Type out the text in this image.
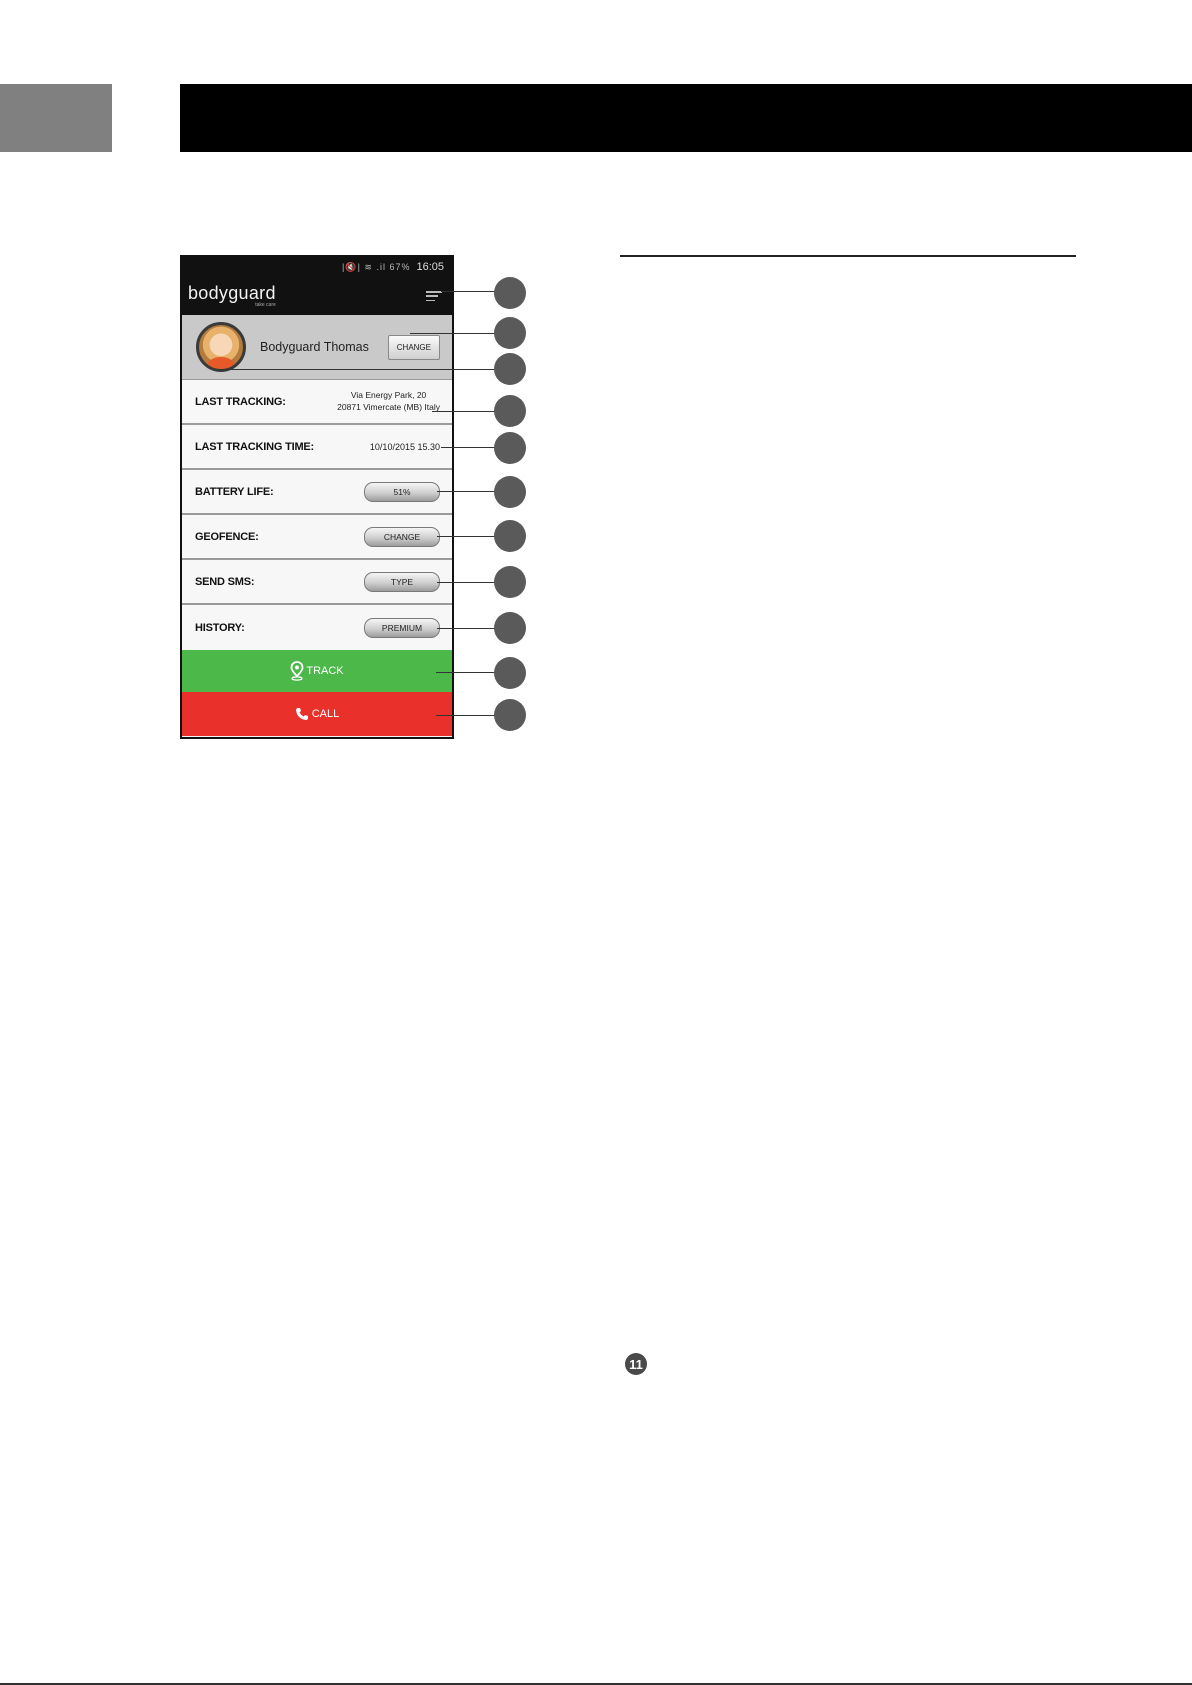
|🔇| ≋ .il 67% 16:05
bodyguard
take care
Bodyguard Thomas	CHANGE
LAST TRACKING:
Via Energy Park, 20
20871 Vimercate (MB) Italy
LAST TRACKING TIME:	10/10/2015 15.30
BATTERY LIFE:	51%
GEOFENCE:	CHANGE
SEND SMS:	TYPE
HISTORY:	PREMIUM
TRACK
CALL
11
